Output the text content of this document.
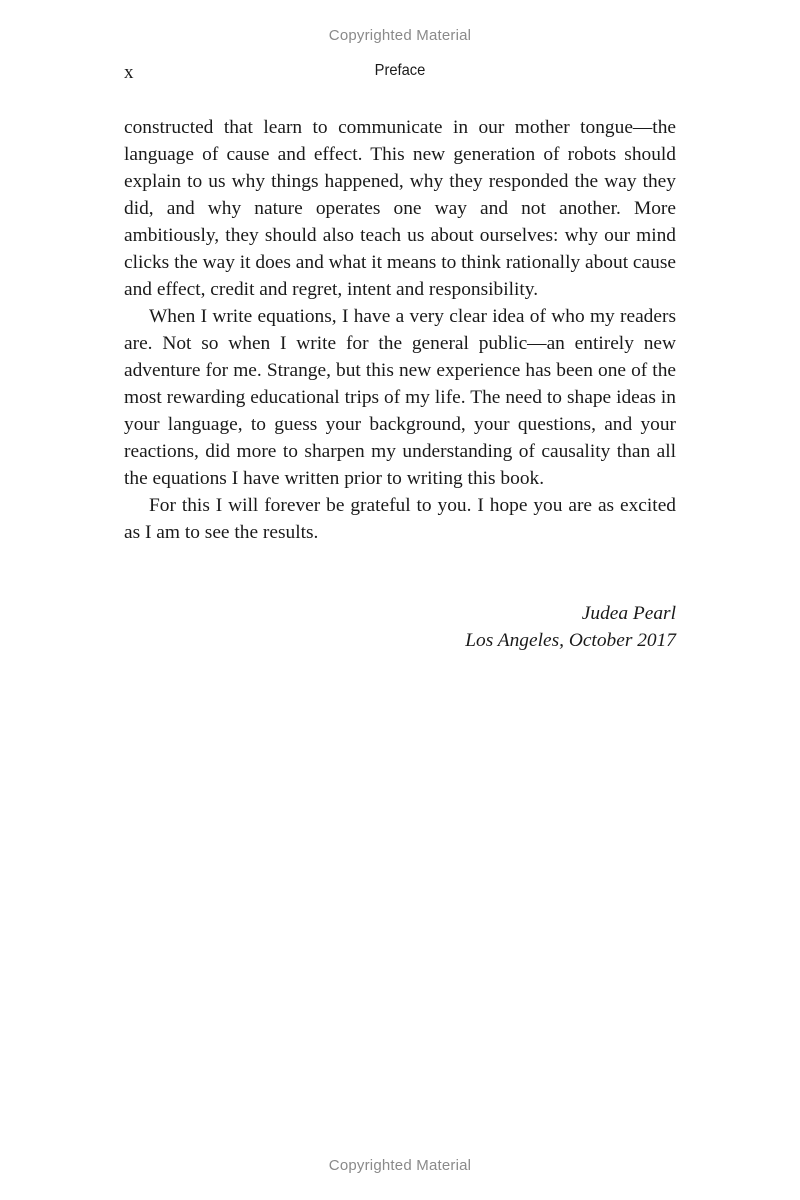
Copyrighted Material
x	Preface

constructed that learn to communicate in our mother tongue—the language of cause and effect. This new generation of robots should explain to us why things happened, why they responded the way they did, and why nature operates one way and not another. More ambitiously, they should also teach us about ourselves: why our mind clicks the way it does and what it means to think rationally about cause and effect, credit and regret, intent and responsibility.

When I write equations, I have a very clear idea of who my readers are. Not so when I write for the general public—an entirely new adventure for me. Strange, but this new experience has been one of the most rewarding educational trips of my life. The need to shape ideas in your language, to guess your background, your questions, and your reactions, did more to sharpen my understanding of causality than all the equations I have written prior to writing this book.

For this I will forever be grateful to you. I hope you are as excited as I am to see the results.

Judea Pearl
Los Angeles, October 2017
Copyrighted Material
